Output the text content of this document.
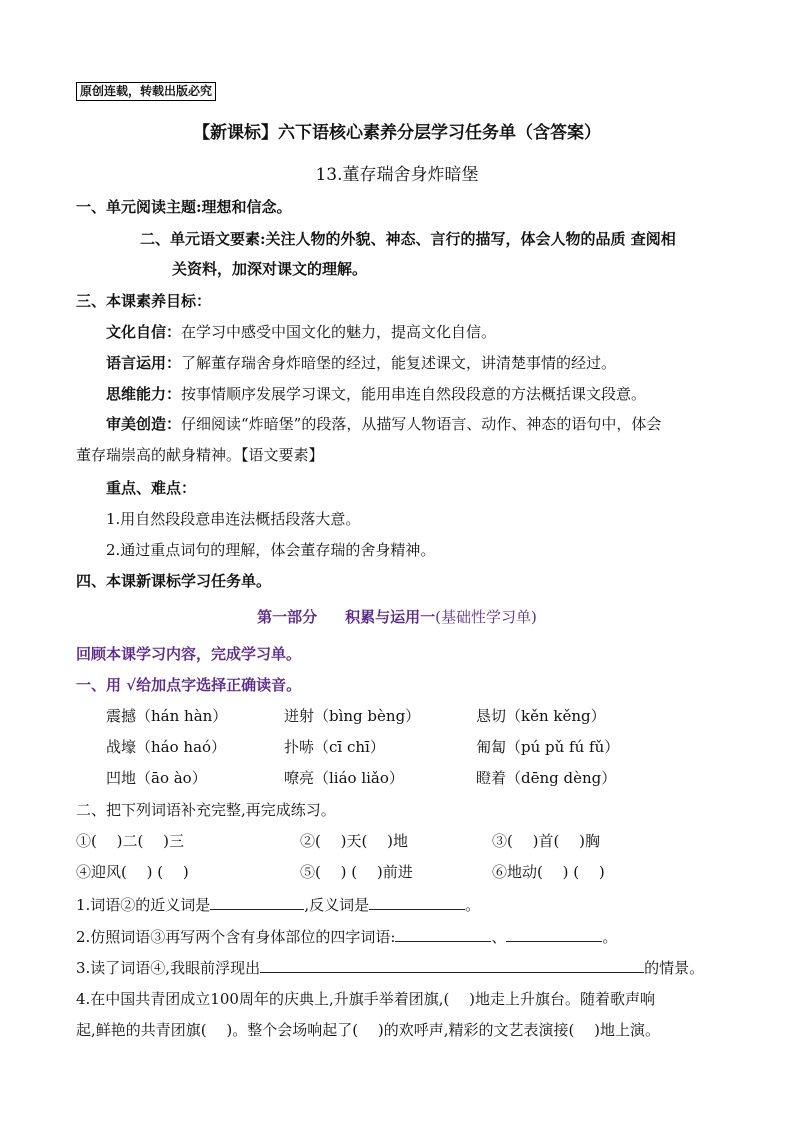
原创连载，转载出版必究
【新课标】六下语核心素养分层学习任务单（含答案）
13.董存瑞舍身炸暗堡
一、单元阅读主题:理想和信念。
二、单元语文要素:关注人物的外貌、神态、言行的描写，体会人物的品质 查阅相
关资料，加深对课文的理解。
三、本课素养目标：
文化自信：在学习中感受中国文化的魅力，提高文化自信。
语言运用：了解董存瑞舍身炸暗堡的经过，能复述课文，讲清楚事情的经过。
思维能力：按事情顺序发展学习课文，能用串连自然段段意的方法概括课文段意。
审美创造：仔细阅读“炸暗堡”的段落，从描写人物语言、动作、神态的语句中，体会
董存瑞崇高的献身精神。【语文要素】
重点、难点：
1.用自然段段意串连法概括段落大意。
2.通过重点词句的理解，体会董存瑞的舍身精神。
四、本课新课标学习任务单。
第一部分 积累与运用一(基础性学习单)
回顾本课学习内容，完成学习单。
一、用 √给加点字选择正确读音。
震撼（hán hàn）	迸射（bìng bèng）	恳切（kěn kěng）
战壕（háo haó）	扑哧（cī chī）	匍匐（pú pǔ fú fǔ）
凹地（āo ào）	嘹亮（liáo liǎo）	瞪着（dēng dèng）
二、把下列词语补充完整,再完成练习。
①(　 )二(　 )三	②(　 )天(　 )地	③(　 )首(　 )胸
④迎风(　 ) (　 )	⑤(　 ) (　 )前进	⑥地动(　 ) (　 )
1.词语②的近义词是	,反义词是	。
2.仿照词语③再写两个含有身体部位的四字词语:	、	。
3.读了词语④,我眼前浮现出	的情景。
4.在中国共青团成立100周年的庆典上,升旗手举着团旗,(　 )地走上升旗台。随着歌声响
起,鲜艳的共青团旗(　 )。整个会场响起了(　 )的欢呼声,精彩的文艺表演接(　 )地上演。
